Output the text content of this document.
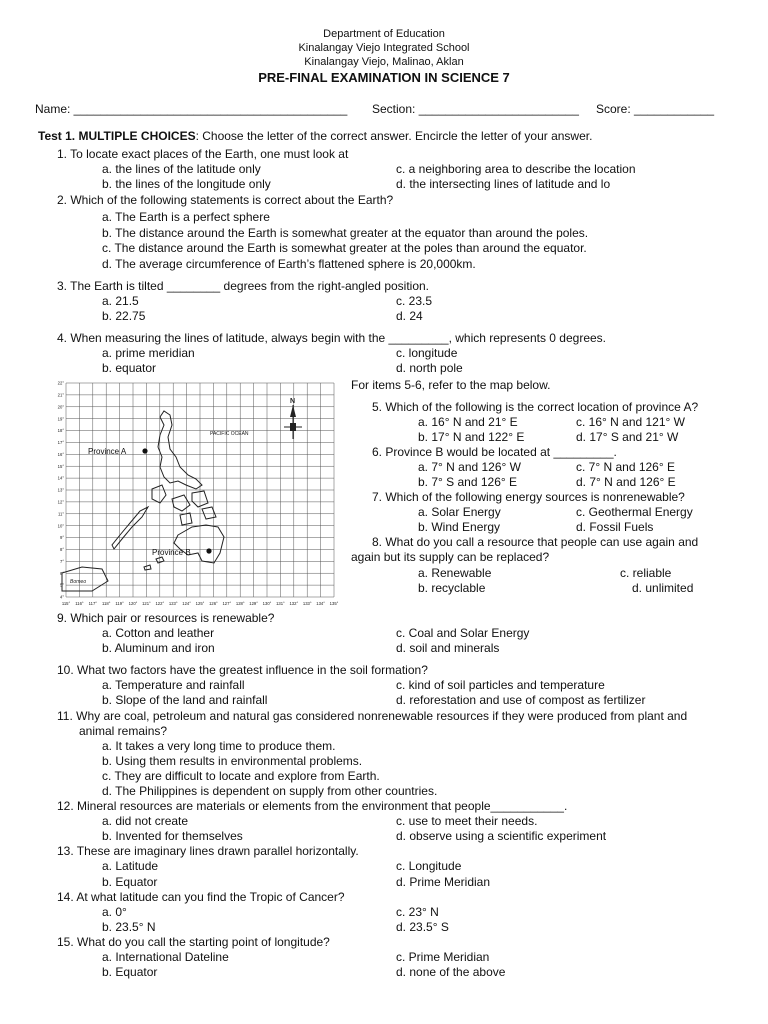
Department of Education
Kinalangay Viejo Integrated School
Kinalangay Viejo, Malinao, Aklan
PRE-FINAL EXAMINATION IN SCIENCE 7
Name: _________________________________________ Section: ________________________ Score: ____________
Test 1. MULTIPLE CHOICES: Choose the letter of the correct answer. Encircle the letter of your answer.
1. To locate exact places of the Earth, one must look at
a. the lines of the latitude only
b. the lines of the longitude only
c. a neighboring area to describe the location
d. the intersecting lines of latitude and lo
2. Which of the following statements is correct about the Earth?
a. The Earth is a perfect sphere
b. The distance around the Earth is somewhat greater at the equator than around the poles.
c. The distance around the Earth is somewhat greater at the poles than around the equator.
d. The average circumference of Earth’s flattened sphere is 20,000km.
3. The Earth is tilted ________ degrees from the right-angled position.
a. 21.5
b. 22.75
c. 23.5
d. 24
4. When measuring the lines of latitude, always begin with the _________, which represents 0 degrees.
a. prime meridian
b. equator
c. longitude
d. north pole
22°
21°
20°
19°
18°
17°
16°
15°
14°
13°
12°
11°
10°
9°
8°
7°
6°
5°
4°
115° 116° 117° 118° 119° 120° 121° 122° 123° 124° 125° 126° 127° 128° 129° 130° 131° 132° 133° 134° 135°
Borneo
PACIFIC OCEAN
N
Province A
Province B
For items 5-6, refer to the map below.
5. Which of the following is the correct location of province A?
a. 16° N and 21° E
b. 17° N and 122° E
c. 16° N and 121° W
d. 17° S and 21° W
6. Province B would be located at _________.
a. 7° N and 126° W
b. 7° S and 126° E
c. 7° N and 126° E
d. 7° N and 126° E
7. Which of the following energy sources is nonrenewable?
a. Solar Energy
b. Wind Energy
c. Geothermal Energy
d. Fossil Fuels
8. What do you call a resource that people can use again and
again but its supply can be replaced?
a. Renewable
b. recyclable
c. reliable
d. unlimited
9. Which pair or resources is renewable?
a. Cotton and leather
b. Aluminum and iron
c. Coal and Solar Energy
d. soil and minerals
10. What two factors have the greatest influence in the soil formation?
a. Temperature and rainfall
b. Slope of the land and rainfall
c. kind of soil particles and temperature
d. reforestation and use of compost as fertilizer
11. Why are coal, petroleum and natural gas considered nonrenewable resources if they were produced from plant and
animal remains?
a. It takes a very long time to produce them.
b. Using them results in environmental problems.
c. They are difficult to locate and explore from Earth.
d. The Philippines is dependent on supply from other countries.
12. Mineral resources are materials or elements from the environment that people___________.
a. did not create
b. Invented for themselves
c. use to meet their needs.
d. observe using a scientific experiment
13. These are imaginary lines drawn parallel horizontally.
a. Latitude
b. Equator
c. Longitude
d. Prime Meridian
14. At what latitude can you find the Tropic of Cancer?
a. 0°
b. 23.5° N
c. 23° N
d. 23.5° S
15. What do you call the starting point of longitude?
a. International Dateline
b. Equator
c. Prime Meridian
d. none of the above
